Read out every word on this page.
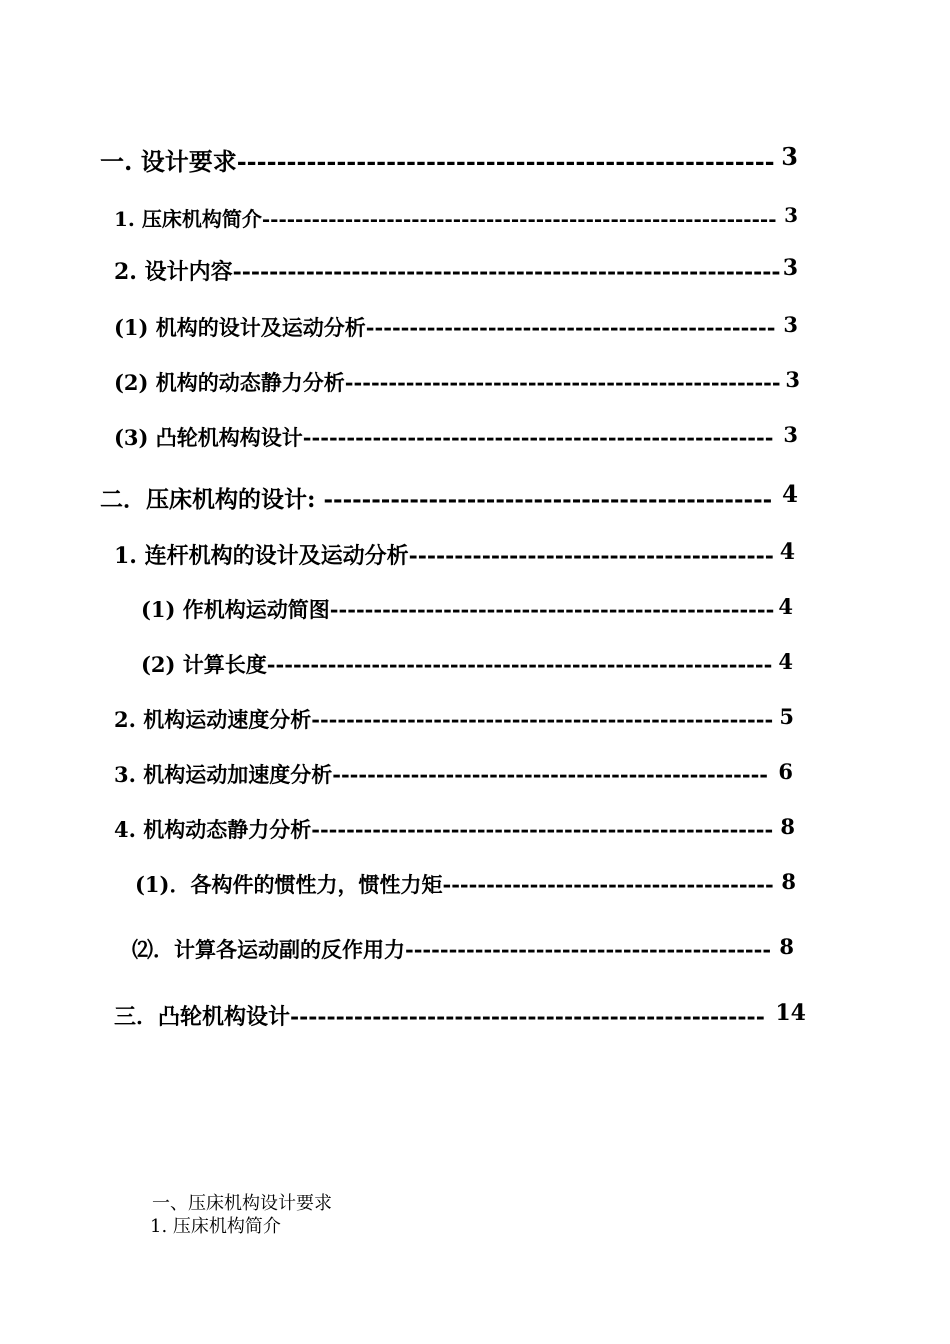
一. 设计要求------------------------------------------------------ 3
1. 压床机构简介-------------------------------------------------------------- 3
2. 设计内容------------------------------------------------------------ 3
(1) 机构的设计及运动分析----------------------------------------------- 3
(2) 机构的动态静力分析-------------------------------------------------- 3
(3) 凸轮机构构设计------------------------------------------------------ 3
二．压床机构的设计: ----------------------------------------------- 4
1. 连杆机构的设计及运动分析---------------------------------------- 4
(1) 作机构运动简图--------------------------------------------------- 4
(2) 计算长度---------------------------------------------------------- 4
2. 机构运动速度分析----------------------------------------------------- 5
3. 机构运动加速度分析-------------------------------------------------- 6
4. 机构动态静力分析----------------------------------------------------- 8
(1)．各构件的惯性力，惯性力矩-------------------------------------- 8
⑵．计算各运动副的反作用力------------------------------------------ 8
三．凸轮机构设计---------------------------------------------------- 14
一、压床机构设计要求
1. 压床机构简介
